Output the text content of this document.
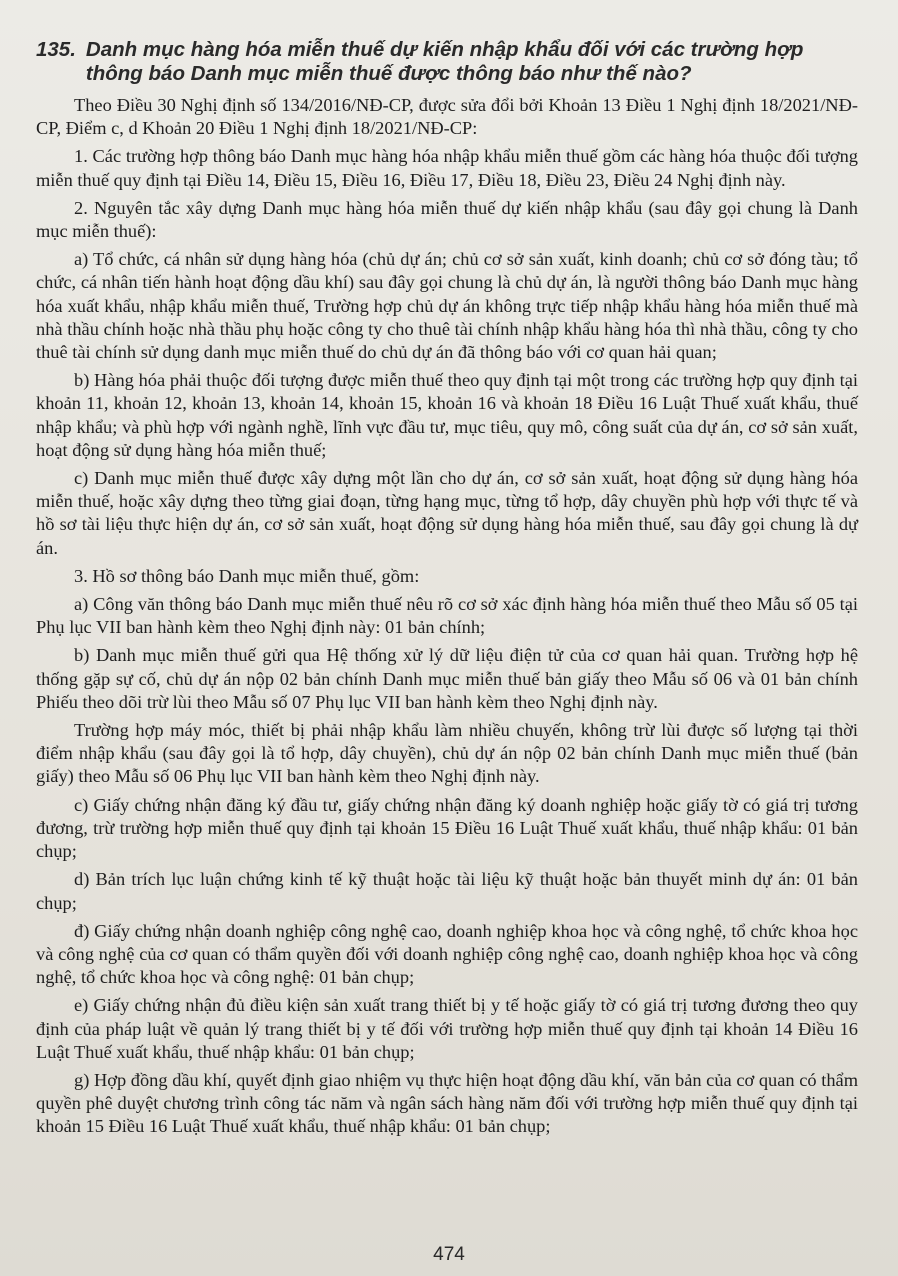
135. Danh mục hàng hóa miễn thuế dự kiến nhập khẩu đối với các trường hợp thông báo Danh mục miễn thuế được thông báo như thế nào?

Theo Điều 30 Nghị định số 134/2016/NĐ-CP, được sửa đổi bởi Khoản 13 Điều 1 Nghị định 18/2021/NĐ-CP, Điểm c, d Khoản 20 Điều 1 Nghị định 18/2021/NĐ-CP:

1. Các trường hợp thông báo Danh mục hàng hóa nhập khẩu miễn thuế gồm các hàng hóa thuộc đối tượng miễn thuế quy định tại Điều 14, Điều 15, Điều 16, Điều 17, Điều 18, Điều 23, Điều 24 Nghị định này.

2. Nguyên tắc xây dựng Danh mục hàng hóa miễn thuế dự kiến nhập khẩu (sau đây gọi chung là Danh mục miễn thuế):

a) Tổ chức, cá nhân sử dụng hàng hóa (chủ dự án; chủ cơ sở sản xuất, kinh doanh; chủ cơ sở đóng tàu; tổ chức, cá nhân tiến hành hoạt động dầu khí) sau đây gọi chung là chủ dự án, là người thông báo Danh mục hàng hóa xuất khẩu, nhập khẩu miễn thuế, Trường hợp chủ dự án không trực tiếp nhập khẩu hàng hóa miễn thuế mà nhà thầu chính hoặc nhà thầu phụ hoặc công ty cho thuê tài chính nhập khẩu hàng hóa thì nhà thầu, công ty cho thuê tài chính sử dụng danh mục miễn thuế do chủ dự án đã thông báo với cơ quan hải quan;

b) Hàng hóa phải thuộc đối tượng được miễn thuế theo quy định tại một trong các trường hợp quy định tại khoản 11, khoản 12, khoản 13, khoản 14, khoản 15, khoản 16 và khoản 18 Điều 16 Luật Thuế xuất khẩu, thuế nhập khẩu; và phù hợp với ngành nghề, lĩnh vực đầu tư, mục tiêu, quy mô, công suất của dự án, cơ sở sản xuất, hoạt động sử dụng hàng hóa miễn thuế;

c) Danh mục miễn thuế được xây dựng một lần cho dự án, cơ sở sản xuất, hoạt động sử dụng hàng hóa miễn thuế, hoặc xây dựng theo từng giai đoạn, từng hạng mục, từng tổ hợp, dây chuyền phù hợp với thực tế và hồ sơ tài liệu thực hiện dự án, cơ sở sản xuất, hoạt động sử dụng hàng hóa miễn thuế, sau đây gọi chung là dự án.

3. Hồ sơ thông báo Danh mục miễn thuế, gồm:

a) Công văn thông báo Danh mục miễn thuế nêu rõ cơ sở xác định hàng hóa miễn thuế theo Mẫu số 05 tại Phụ lục VII ban hành kèm theo Nghị định này: 01 bản chính;

b) Danh mục miễn thuế gửi qua Hệ thống xử lý dữ liệu điện tử của cơ quan hải quan. Trường hợp hệ thống gặp sự cố, chủ dự án nộp 02 bản chính Danh mục miễn thuế bản giấy theo Mẫu số 06 và 01 bản chính Phiếu theo dõi trừ lùi theo Mẫu số 07 Phụ lục VII ban hành kèm theo Nghị định này.

Trường hợp máy móc, thiết bị phải nhập khẩu làm nhiều chuyến, không trừ lùi được số lượng tại thời điểm nhập khẩu (sau đây gọi là tổ hợp, dây chuyền), chủ dự án nộp 02 bản chính Danh mục miễn thuế (bản giấy) theo Mẫu số 06 Phụ lục VII ban hành kèm theo Nghị định này.

c) Giấy chứng nhận đăng ký đầu tư, giấy chứng nhận đăng ký doanh nghiệp hoặc giấy tờ có giá trị tương đương, trừ trường hợp miễn thuế quy định tại khoản 15 Điều 16 Luật Thuế xuất khẩu, thuế nhập khẩu: 01 bản chụp;

d) Bản trích lục luận chứng kinh tế kỹ thuật hoặc tài liệu kỹ thuật hoặc bản thuyết minh dự án: 01 bản chụp;

đ) Giấy chứng nhận doanh nghiệp công nghệ cao, doanh nghiệp khoa học và công nghệ, tổ chức khoa học và công nghệ của cơ quan có thẩm quyền đối với doanh nghiệp công nghệ cao, doanh nghiệp khoa học và công nghệ, tổ chức khoa học và công nghệ: 01 bản chụp;

e) Giấy chứng nhận đủ điều kiện sản xuất trang thiết bị y tế hoặc giấy tờ có giá trị tương đương theo quy định của pháp luật về quản lý trang thiết bị y tế đối với trường hợp miễn thuế quy định tại khoản 14 Điều 16 Luật Thuế xuất khẩu, thuế nhập khẩu: 01 bản chụp;

g) Hợp đồng dầu khí, quyết định giao nhiệm vụ thực hiện hoạt động dầu khí, văn bản của cơ quan có thẩm quyền phê duyệt chương trình công tác năm và ngân sách hàng năm đối với trường hợp miễn thuế quy định tại khoản 15 Điều 16 Luật Thuế xuất khẩu, thuế nhập khẩu: 01 bản chụp;

474
